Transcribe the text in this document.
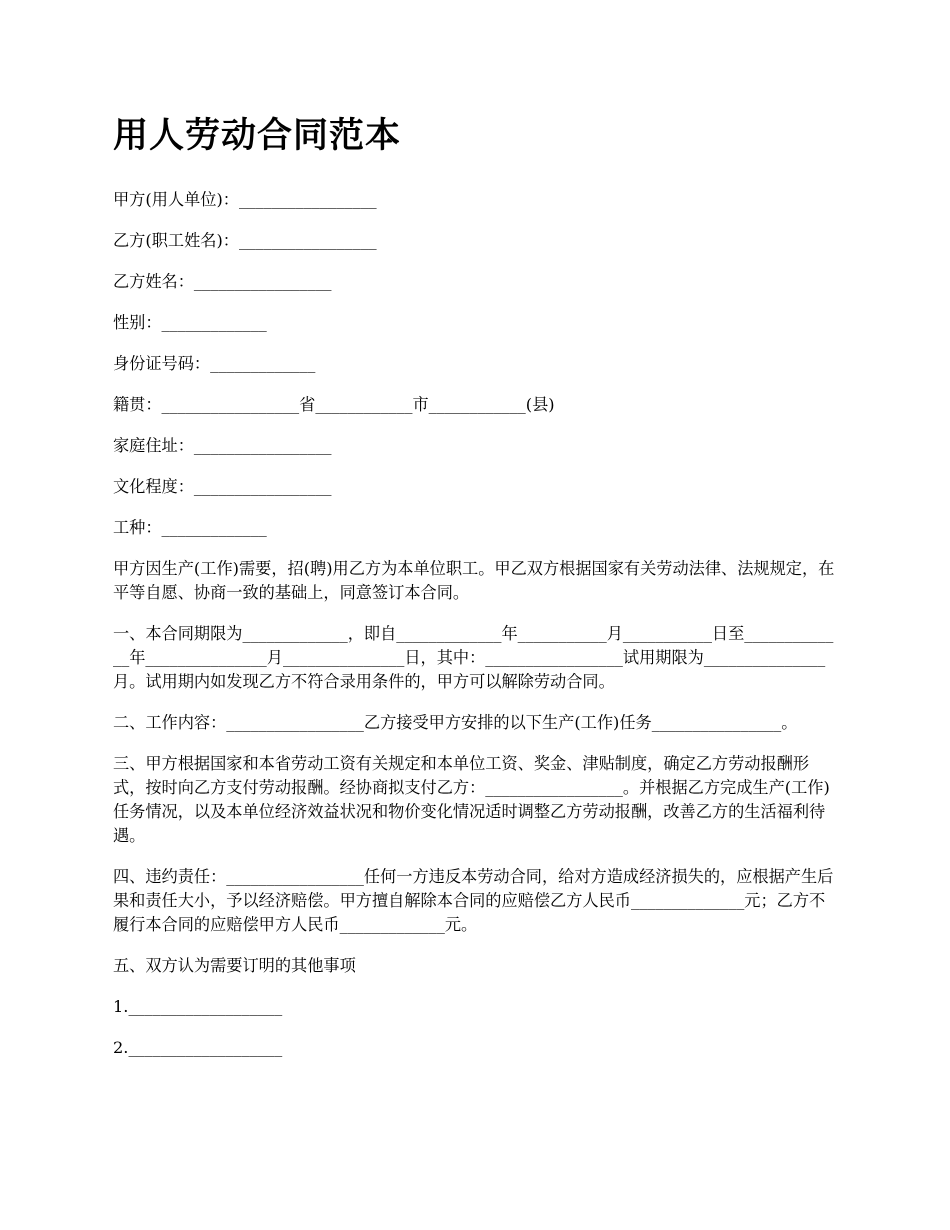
用人劳动合同范本

甲方(用人单位)：_________________

乙方(职工姓名)：_________________

乙方姓名：_________________

性别：_____________

身份证号码：_____________

籍贯：_________________省____________市____________(县)

家庭住址：_________________

文化程度：_________________

工种：_____________

甲方因生产(工作)需要，招(聘)用乙方为本单位职工。甲乙双方根据国家有关劳动法律、法规规定，在平等自愿、协商一致的基础上，同意签订本合同。

一、本合同期限为_____________，即自_____________年___________月___________日至_____________年_______________月_______________日，其中：_________________试用期限为_______________月。试用期内如发现乙方不符合录用条件的，甲方可以解除劳动合同。

二、工作内容：_________________乙方接受甲方安排的以下生产(工作)任务________________。

三、甲方根据国家和本省劳动工资有关规定和本单位工资、奖金、津贴制度，确定乙方劳动报酬形式，按时向乙方支付劳动报酬。经协商拟支付乙方：_________________。并根据乙方完成生产(工作)任务情况，以及本单位经济效益状况和物价变化情况适时调整乙方劳动报酬，改善乙方的生活福利待遇。

四、违约责任：_________________任何一方违反本劳动合同，给对方造成经济损失的，应根据产生后果和责任大小，予以经济赔偿。甲方擅自解除本合同的应赔偿乙方人民币______________元；乙方不履行本合同的应赔偿甲方人民币_____________元。

五、双方认为需要订明的其他事项

1.___________________

2.___________________
